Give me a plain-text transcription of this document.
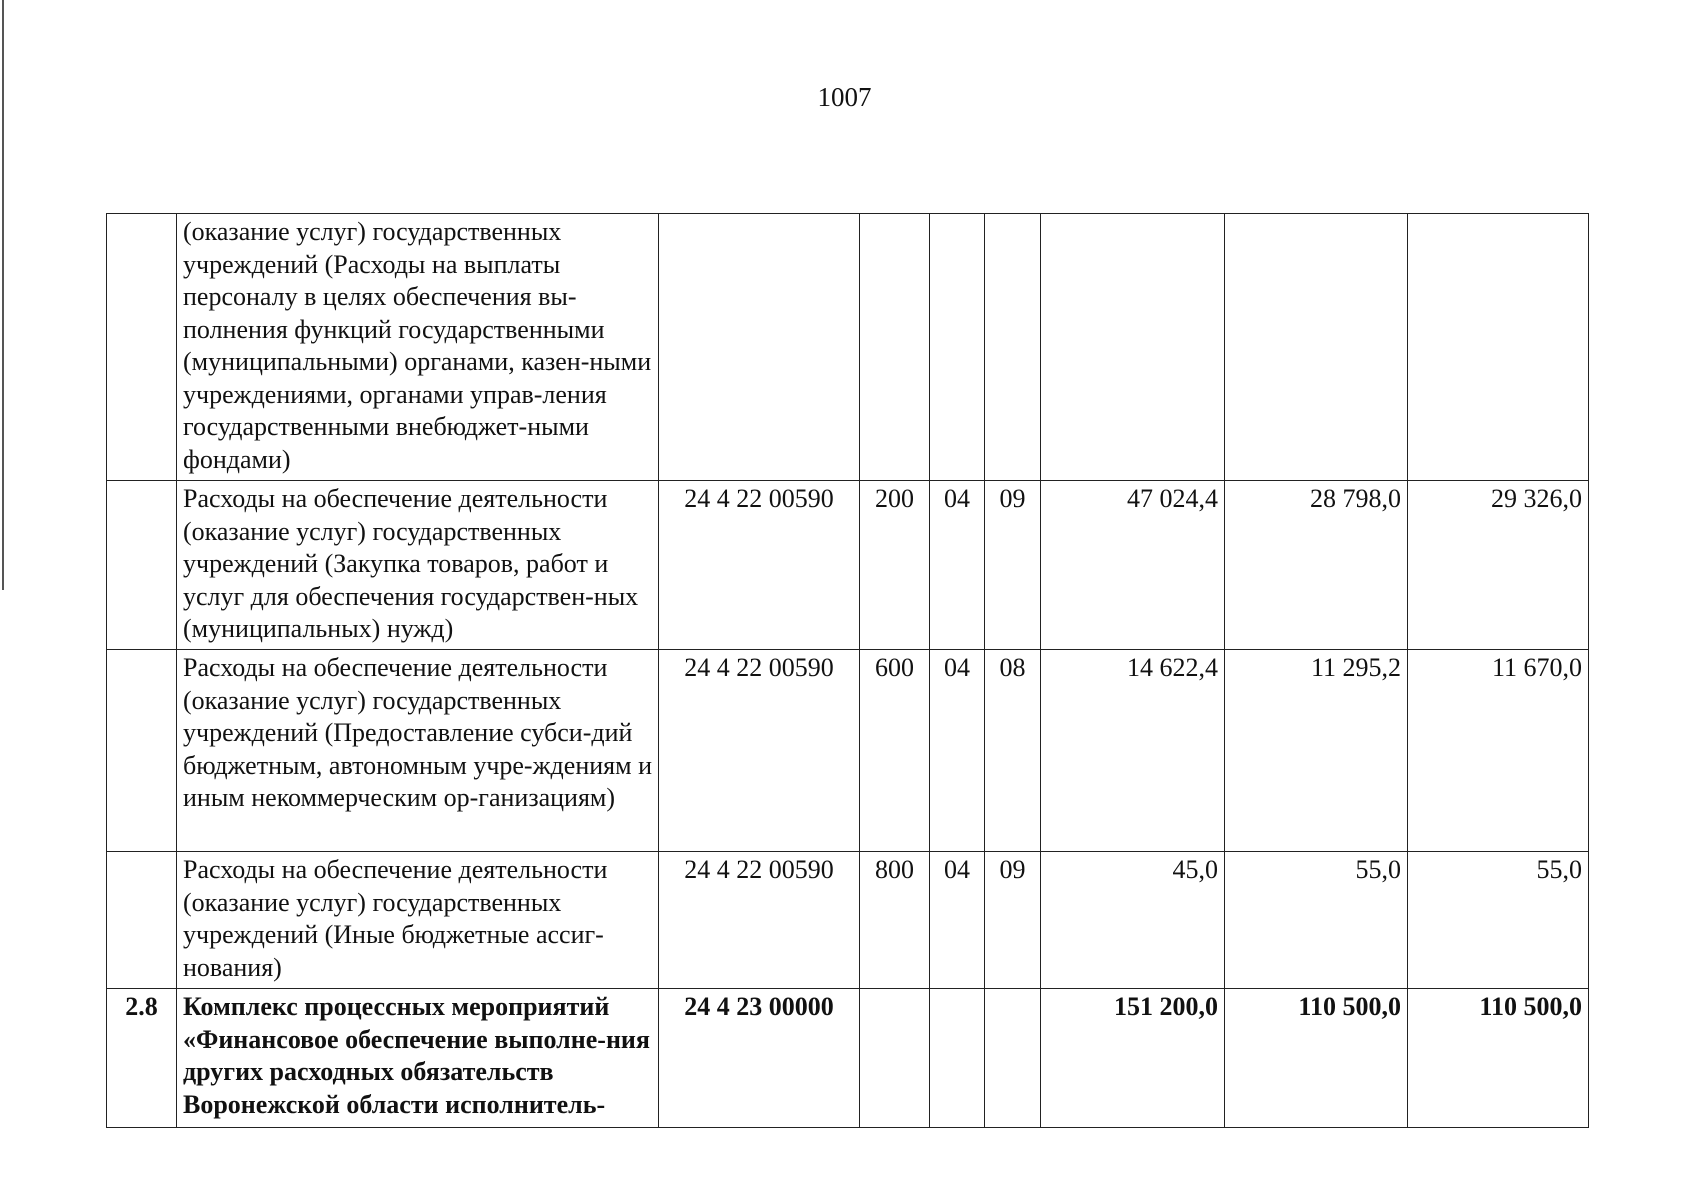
1007
	(оказание услуг) государственных учреждений (Расходы на выплаты персоналу в целях обеспечения вы-полнения функций государственными (муниципальными) органами, казен-ными учреждениями, органами управ-ления государственными внебюджет-ными фондами)							
	Расходы на обеспечение деятельности (оказание услуг) государственных учреждений (Закупка товаров, работ и услуг для обеспечения государствен-ных (муниципальных) нужд)	24 4 22 00590	200	04	09	47 024,4	28 798,0	29 326,0
	Расходы на обеспечение деятельности (оказание услуг) государственных учреждений (Предоставление субси-дий бюджетным, автономным учре-ждениям и иным некоммерческим ор-ганизациям)	24 4 22 00590	600	04	08	14 622,4	11 295,2	11 670,0
	Расходы на обеспечение деятельности (оказание услуг) государственных учреждений (Иные бюджетные ассиг-нования)	24 4 22 00590	800	04	09	45,0	55,0	55,0
2.8	Комплекс процессных мероприятий «Финансовое обеспечение выполне-ния других расходных обязательств Воронежской области исполнитель-	24 4 23 00000				151 200,0	110 500,0	110 500,0
